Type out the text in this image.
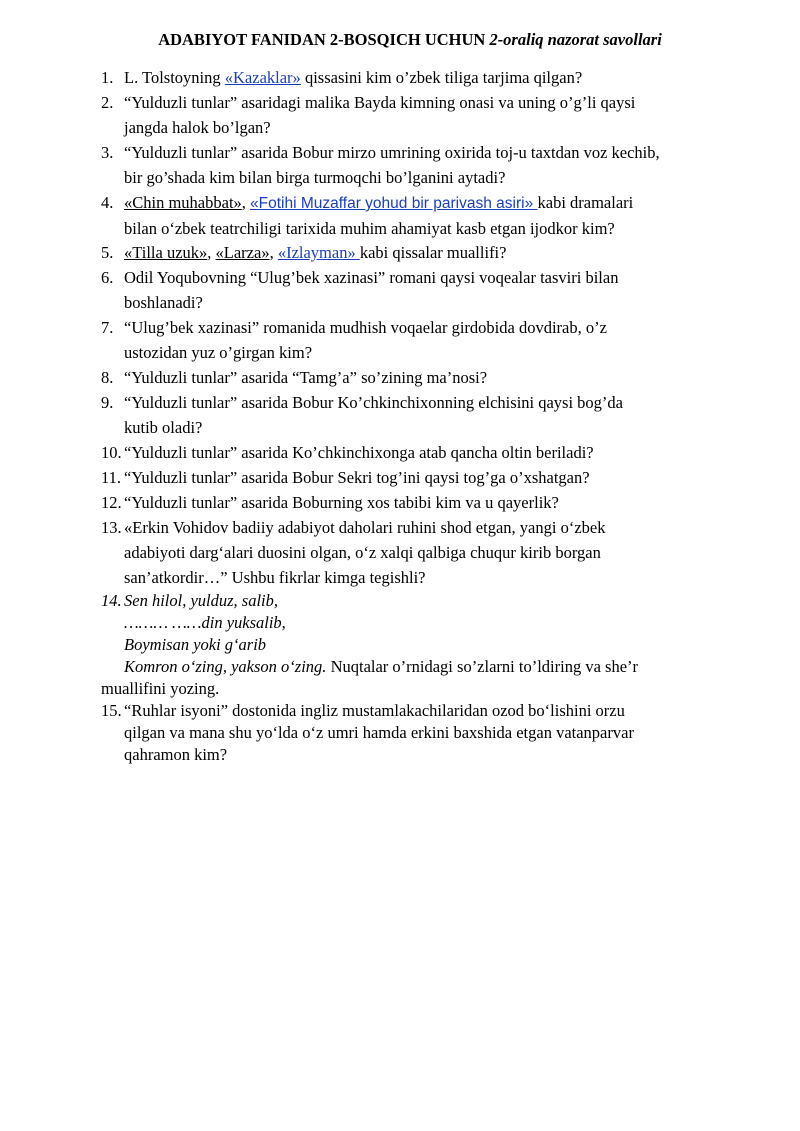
ADABIYOT FANIDAN 2-BOSQICH UCHUN 2-oraliq nazorat savollari
1. L. Tolstoyning «Kazaklar» qissasini kim o’zbek tiliga tarjima qilgan?
2. “Yulduzli tunlar” asaridagi malika Bayda kimning onasi va uning o’g’li qaysi
jangda halok bo’lgan?
3. “Yulduzli tunlar” asarida Bobur mirzo umrining oxirida toj-u taxtdan voz kechib,
bir go’shada kim bilan birga turmoqchi bo’lganini aytadi?
4. «Chin muhabbat», «Fotihi Muzaffar yohud bir parivash asiri» kabi dramalari
bilan o‘zbek teatrchiligi tarixida muhim ahamiyat kasb etgan ijodkor kim?
5. «Tilla uzuk», «Larza», «Izlayman» kabi qissalar muallifi?
6. Odil Yoqubovning “Ulug’bek xazinasi” romani qaysi voqealar tasviri bilan
boshlanadi?
7. “Ulug’bek xazinasi” romanida mudhish voqaelar girdobida dovdirab, o’z
ustozidan yuz o’girgan kim?
8. “Yulduzli tunlar” asarida “Tamg’a” so’zining ma’nosi?
9. “Yulduzli tunlar” asarida Bobur Ko’chkinchixonning elchisini qaysi bog’da
kutib oladi?
10. “Yulduzli tunlar” asarida Ko’chkinchixonga atab qancha oltin beriladi?
11. “Yulduzli tunlar” asarida Bobur Sekri tog’ini qaysi tog’ga o’xshatgan?
12. “Yulduzli tunlar” asarida Boburning xos tabibi kim va u qayerlik?
13. «Erkin Vohidov badiiy adabiyot daholari ruhini shod etgan, yangi o‘zbek
adabiyoti darg‘alari duosini olgan, o‘z xalqi qalbiga chuqur kirib borgan
san’atkordir…” Ushbu fikrlar kimga tegishli?
14. Sen hilol, yulduz, salib,
……… ……din yuksalib,
Boymisan yoki g‘arib
Komron o‘zing, yakson o‘zing. Nuqtalar o’rnidagi so’zlarni to’ldiring va she’r
muallifini yozing.
15. “Ruhlar isyoni” dostonida ingliz mustamlakachilaridan ozod bo‘lishini orzu
qilgan va mana shu yo‘lda o‘z umri hamda erkini baxshida etgan vatanparvar
qahramon kim?
